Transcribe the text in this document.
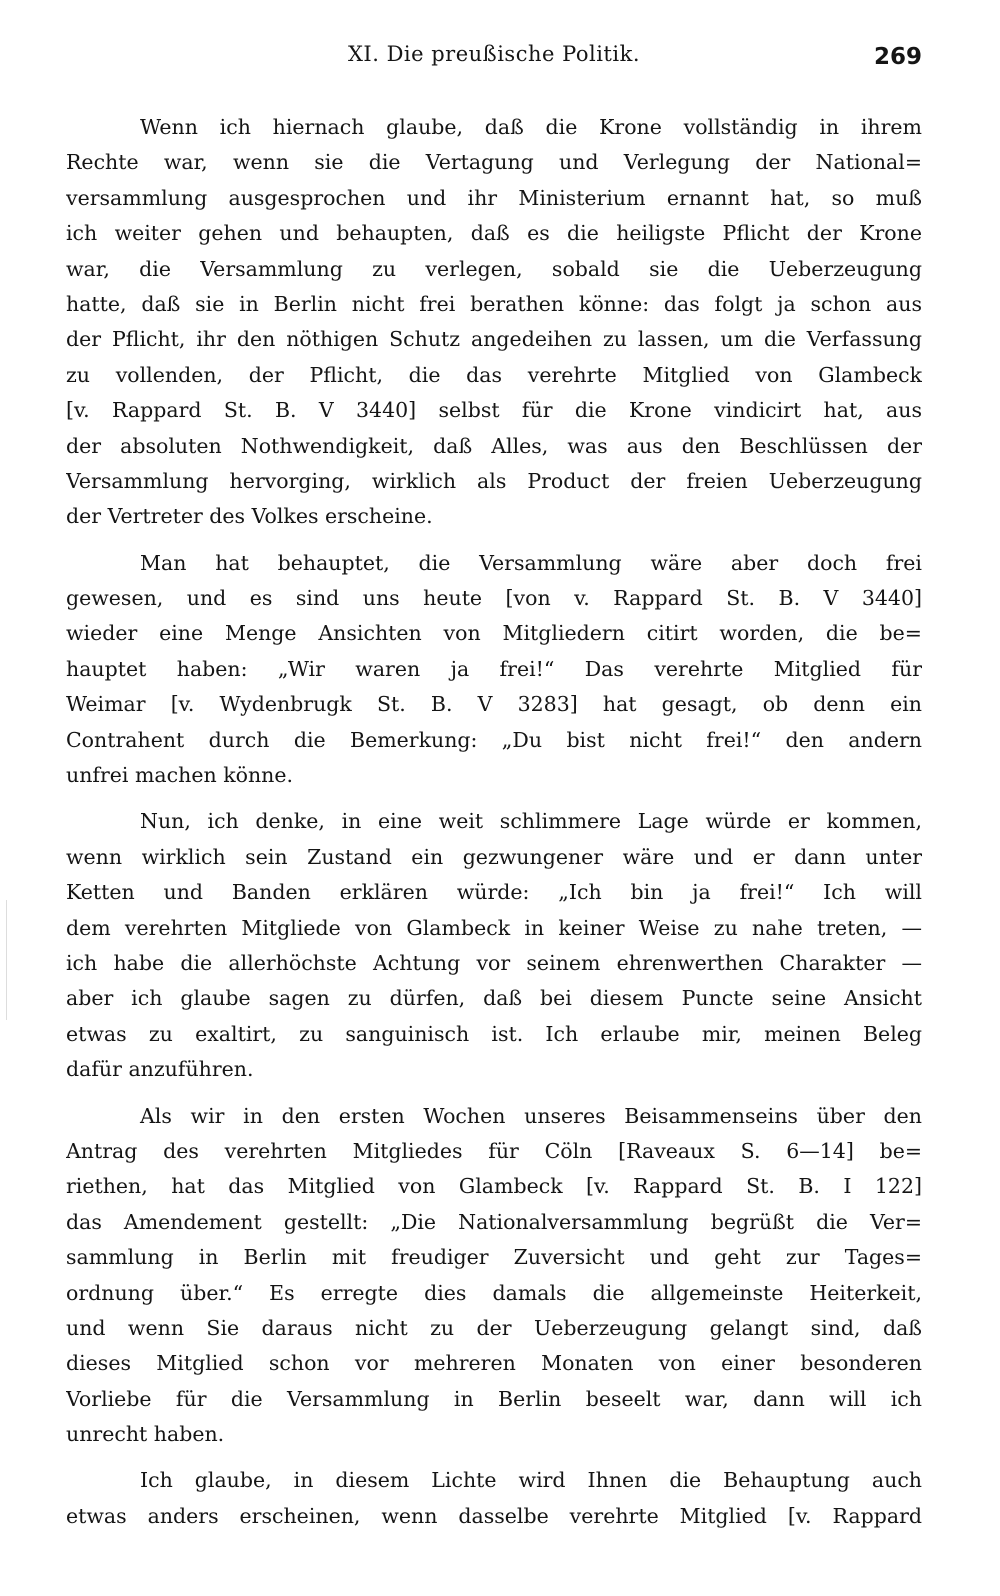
XI. Die preußische Politik.	269
Wenn ich hiernach glaube, daß die Krone vollständig in ihrem
Rechte war, wenn sie die Vertagung und Verlegung der National=
versammlung ausgesprochen und ihr Ministerium ernannt hat, so muß
ich weiter gehen und behaupten, daß es die heiligste Pflicht der Krone
war, die Versammlung zu verlegen, sobald sie die Ueberzeugung
hatte, daß sie in Berlin nicht frei berathen könne: das folgt ja schon aus
der Pflicht, ihr den nöthigen Schutz angedeihen zu lassen, um die Verfassung
zu vollenden, der Pflicht, die das verehrte Mitglied von Glambeck
[v. Rappard St. B. V 3440] selbst für die Krone vindicirt hat, aus
der absoluten Nothwendigkeit, daß Alles, was aus den Beschlüssen der
Versammlung hervorging, wirklich als Product der freien Ueberzeugung
der Vertreter des Volkes erscheine.
Man hat behauptet, die Versammlung wäre aber doch frei
gewesen, und es sind uns heute [von v. Rappard St. B. V 3440]
wieder eine Menge Ansichten von Mitgliedern citirt worden, die be=
hauptet haben: „Wir waren ja frei!“ Das verehrte Mitglied für
Weimar [v. Wydenbrugk St. B. V 3283] hat gesagt, ob denn ein
Contrahent durch die Bemerkung: „Du bist nicht frei!“ den andern
unfrei machen könne.
Nun, ich denke, in eine weit schlimmere Lage würde er kommen,
wenn wirklich sein Zustand ein gezwungener wäre und er dann unter
Ketten und Banden erklären würde: „Ich bin ja frei!“ Ich will
dem verehrten Mitgliede von Glambeck in keiner Weise zu nahe treten, —
ich habe die allerhöchste Achtung vor seinem ehrenwerthen Charakter —
aber ich glaube sagen zu dürfen, daß bei diesem Puncte seine Ansicht
etwas zu exaltirt, zu sanguinisch ist. Ich erlaube mir, meinen Beleg
dafür anzuführen.
Als wir in den ersten Wochen unseres Beisammenseins über den
Antrag des verehrten Mitgliedes für Cöln [Raveaux S. 6—14] be=
riethen, hat das Mitglied von Glambeck [v. Rappard St. B. I 122]
das Amendement gestellt: „Die Nationalversammlung begrüßt die Ver=
sammlung in Berlin mit freudiger Zuversicht und geht zur Tages=
ordnung über.“ Es erregte dies damals die allgemeinste Heiterkeit,
und wenn Sie daraus nicht zu der Ueberzeugung gelangt sind, daß
dieses Mitglied schon vor mehreren Monaten von einer besonderen
Vorliebe für die Versammlung in Berlin beseelt war, dann will ich
unrecht haben.
Ich glaube, in diesem Lichte wird Ihnen die Behauptung auch
etwas anders erscheinen, wenn dasselbe verehrte Mitglied [v. Rappard
